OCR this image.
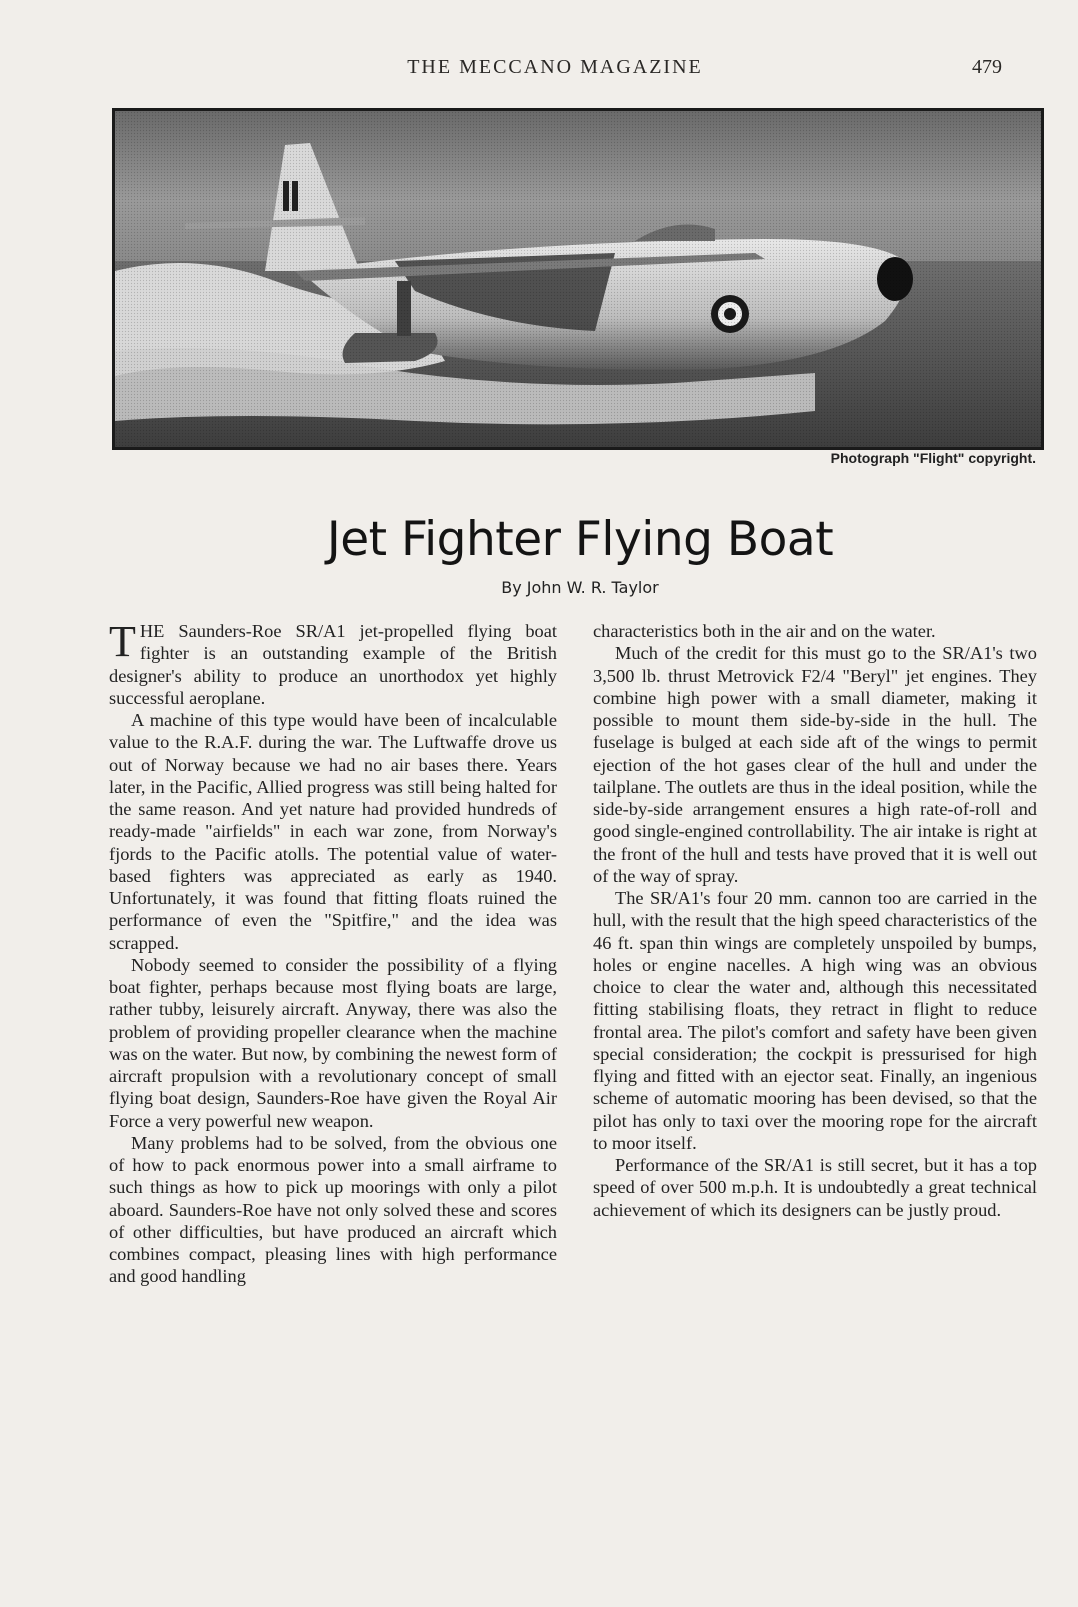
THE MECCANO MAGAZINE	479
Photograph "Flight" copyright.
Jet Fighter Flying Boat
By John W. R. Taylor

THE Saunders-Roe SR/A1 jet-propelled flying boat fighter is an outstanding example of the British designer's ability to produce an unorthodox yet highly successful aeroplane.

A machine of this type would have been of incalculable value to the R.A.F. during the war. The Luftwaffe drove us out of Norway because we had no air bases there. Years later, in the Pacific, Allied progress was still being halted for the same reason. And yet nature had provided hundreds of ready-made "airfields" in each war zone, from Norway's fjords to the Pacific atolls. The potential value of water-based fighters was appreciated as early as 1940. Unfortunately, it was found that fitting floats ruined the performance of even the "Spitfire," and the idea was scrapped.

Nobody seemed to consider the possibility of a flying boat fighter, perhaps because most flying boats are large, rather tubby, leisurely aircraft. Anyway, there was also the problem of providing propeller clearance when the machine was on the water. But now, by combining the newest form of aircraft propulsion with a revolutionary concept of small flying boat design, Saunders-Roe have given the Royal Air Force a very powerful new weapon.

Many problems had to be solved, from the obvious one of how to pack enormous power into a small airframe to such things as how to pick up moorings with only a pilot aboard. Saunders-Roe have not only solved these and scores of other difficulties, but have produced an aircraft which combines compact, pleasing lines with high performance and good handling

characteristics both in the air and on the water.

Much of the credit for this must go to the SR/A1's two 3,500 lb. thrust Metrovick F2/4 "Beryl" jet engines. They combine high power with a small diameter, making it possible to mount them side-by-side in the hull. The fuselage is bulged at each side aft of the wings to permit ejection of the hot gases clear of the hull and under the tailplane. The outlets are thus in the ideal position, while the side-by-side arrangement ensures a high rate-of-roll and good single-engined controllability. The air intake is right at the front of the hull and tests have proved that it is well out of the way of spray.

The SR/A1's four 20 mm. cannon too are carried in the hull, with the result that the high speed characteristics of the 46 ft. span thin wings are completely unspoiled by bumps, holes or engine nacelles. A high wing was an obvious choice to clear the water and, although this necessitated fitting stabilising floats, they retract in flight to reduce frontal area. The pilot's comfort and safety have been given special consideration; the cockpit is pressurised for high flying and fitted with an ejector seat. Finally, an ingenious scheme of automatic mooring has been devised, so that the pilot has only to taxi over the mooring rope for the aircraft to moor itself.

Performance of the SR/A1 is still secret, but it has a top speed of over 500 m.p.h. It is undoubtedly a great technical achievement of which its designers can be justly proud.
